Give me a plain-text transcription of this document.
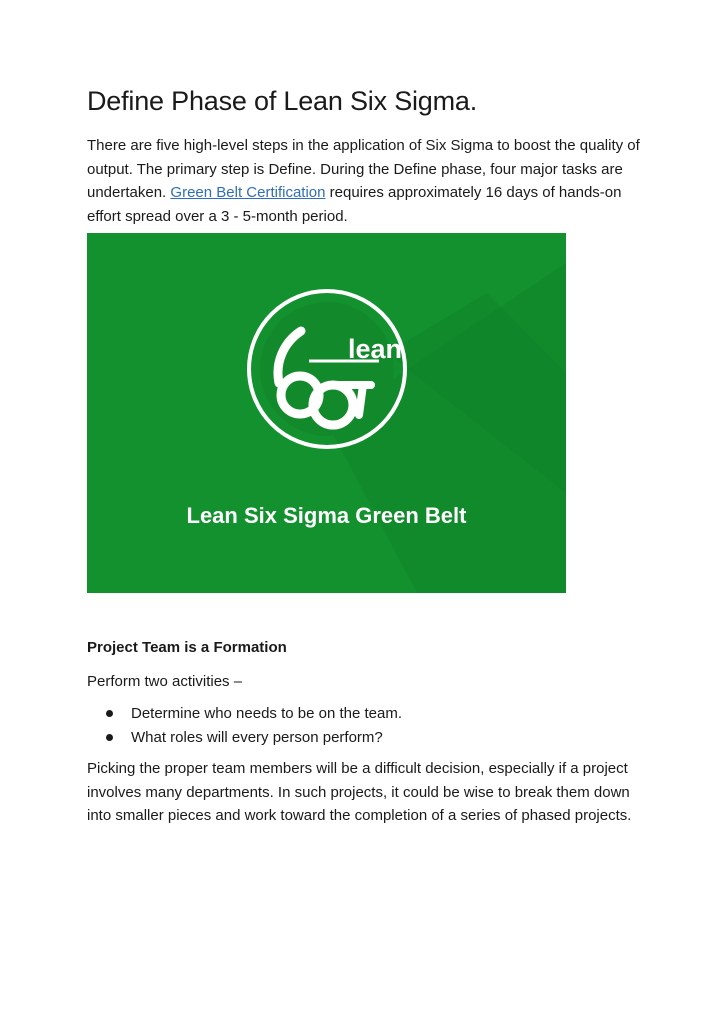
Define Phase of Lean Six Sigma.

There are five high-level steps in the application of Six Sigma to boost the quality of output. The primary step is Define. During the Define phase, four major tasks are undertaken. Green Belt Certification requires approximately 16 days of hands-on effort spread over a 3 - 5-month period.

lean
Lean Six Sigma Green Belt
Project Team is a Formation

Perform two activities –

Determine who needs to be on the team.
What roles will every person perform?

Picking the proper team members will be a difficult decision, especially if a project involves many departments. In such projects, it could be wise to break them down into smaller pieces and work toward the completion of a series of phased projects.
